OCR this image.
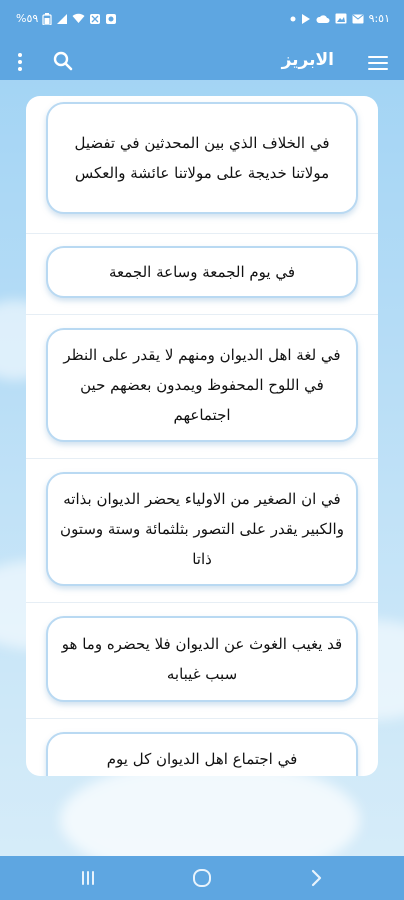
%٥٩	٩:٥١
الابريز
في الخلاف الذي بين المحدثين في تفضيل مولاتنا خديجة على مولاتنا عائشة والعكس
في يوم الجمعة وساعة الجمعة
في لغة اهل الديوان ومنهم لا يقدر على النظر في اللوح المحفوظ ويمدون بعضهم حين اجتماعهم
في ان الصغير من الاولياء يحضر الديوان بذاته والكبير يقدر على التصور بثلثمائة وستة وستون ذاتا
قد يغيب الغوث عن الديوان فلا يحضره وما هو سبب غيبابه
في اجتماع اهل الديوان كل يوم
